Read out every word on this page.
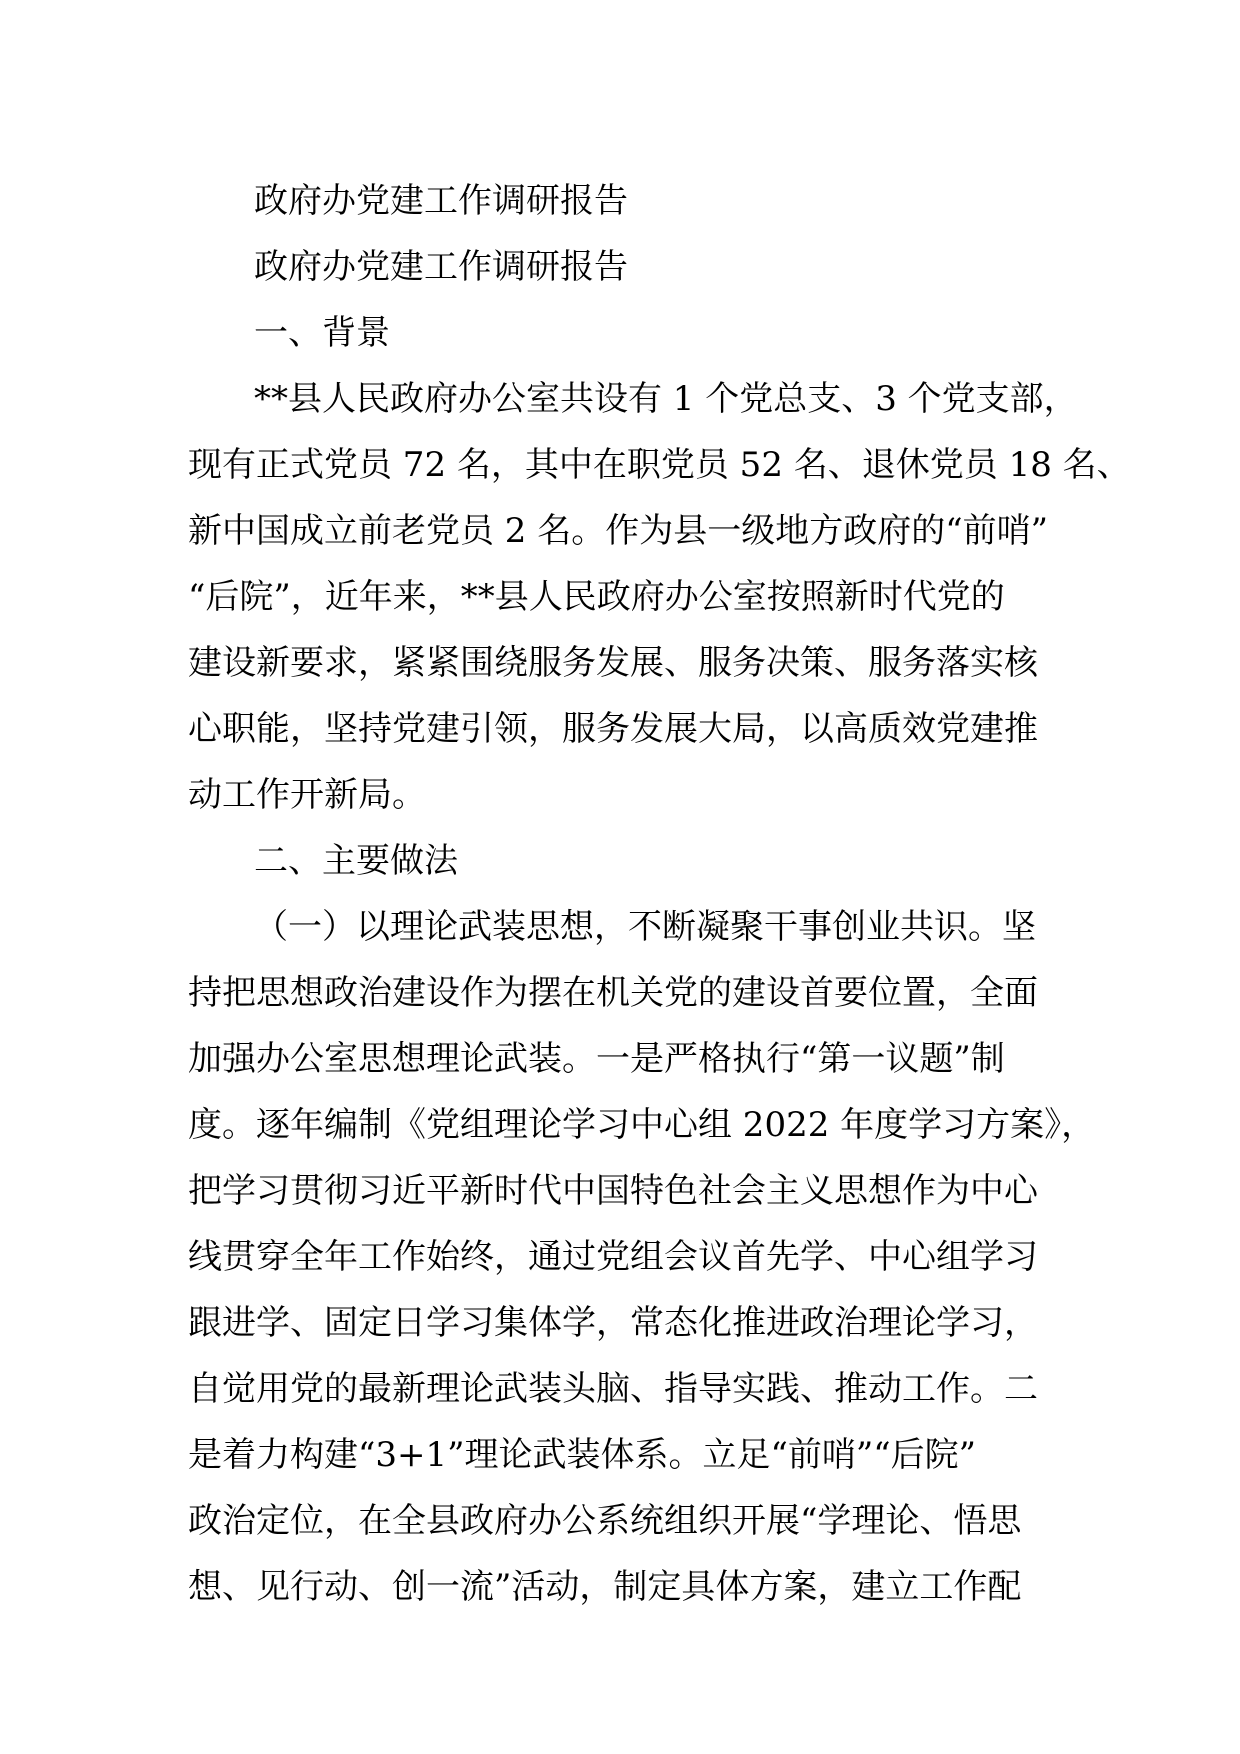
政府办党建工作调研报告

政府办党建工作调研报告

一、背景

**县人民政府办公室共设有 1 个党总支、3 个党支部，

现有正式党员 72 名，其中在职党员 52 名、退休党员 18 名、

新中国成立前老党员 2 名。作为县一级地方政府的“前哨”

“后院”，近年来，**县人民政府办公室按照新时代党的

建设新要求，紧紧围绕服务发展、服务决策、服务落实核

心职能，坚持党建引领，服务发展大局，以高质效党建推

动工作开新局。

二、主要做法

（一）以理论武装思想，不断凝聚干事创业共识。坚

持把思想政治建设作为摆在机关党的建设首要位置，全面

加强办公室思想理论武装。一是严格执行“第一议题”制

度。逐年编制《党组理论学习中心组 2022 年度学习方案》，

把学习贯彻习近平新时代中国特色社会主义思想作为中心

线贯穿全年工作始终，通过党组会议首先学、中心组学习

跟进学、固定日学习集体学，常态化推进政治理论学习，

自觉用党的最新理论武装头脑、指导实践、推动工作。二

是着力构建“3+1”理论武装体系。立足“前哨”“后院”

政治定位，在全县政府办公系统组织开展“学理论、悟思

想、见行动、创一流”活动，制定具体方案，建立工作配
